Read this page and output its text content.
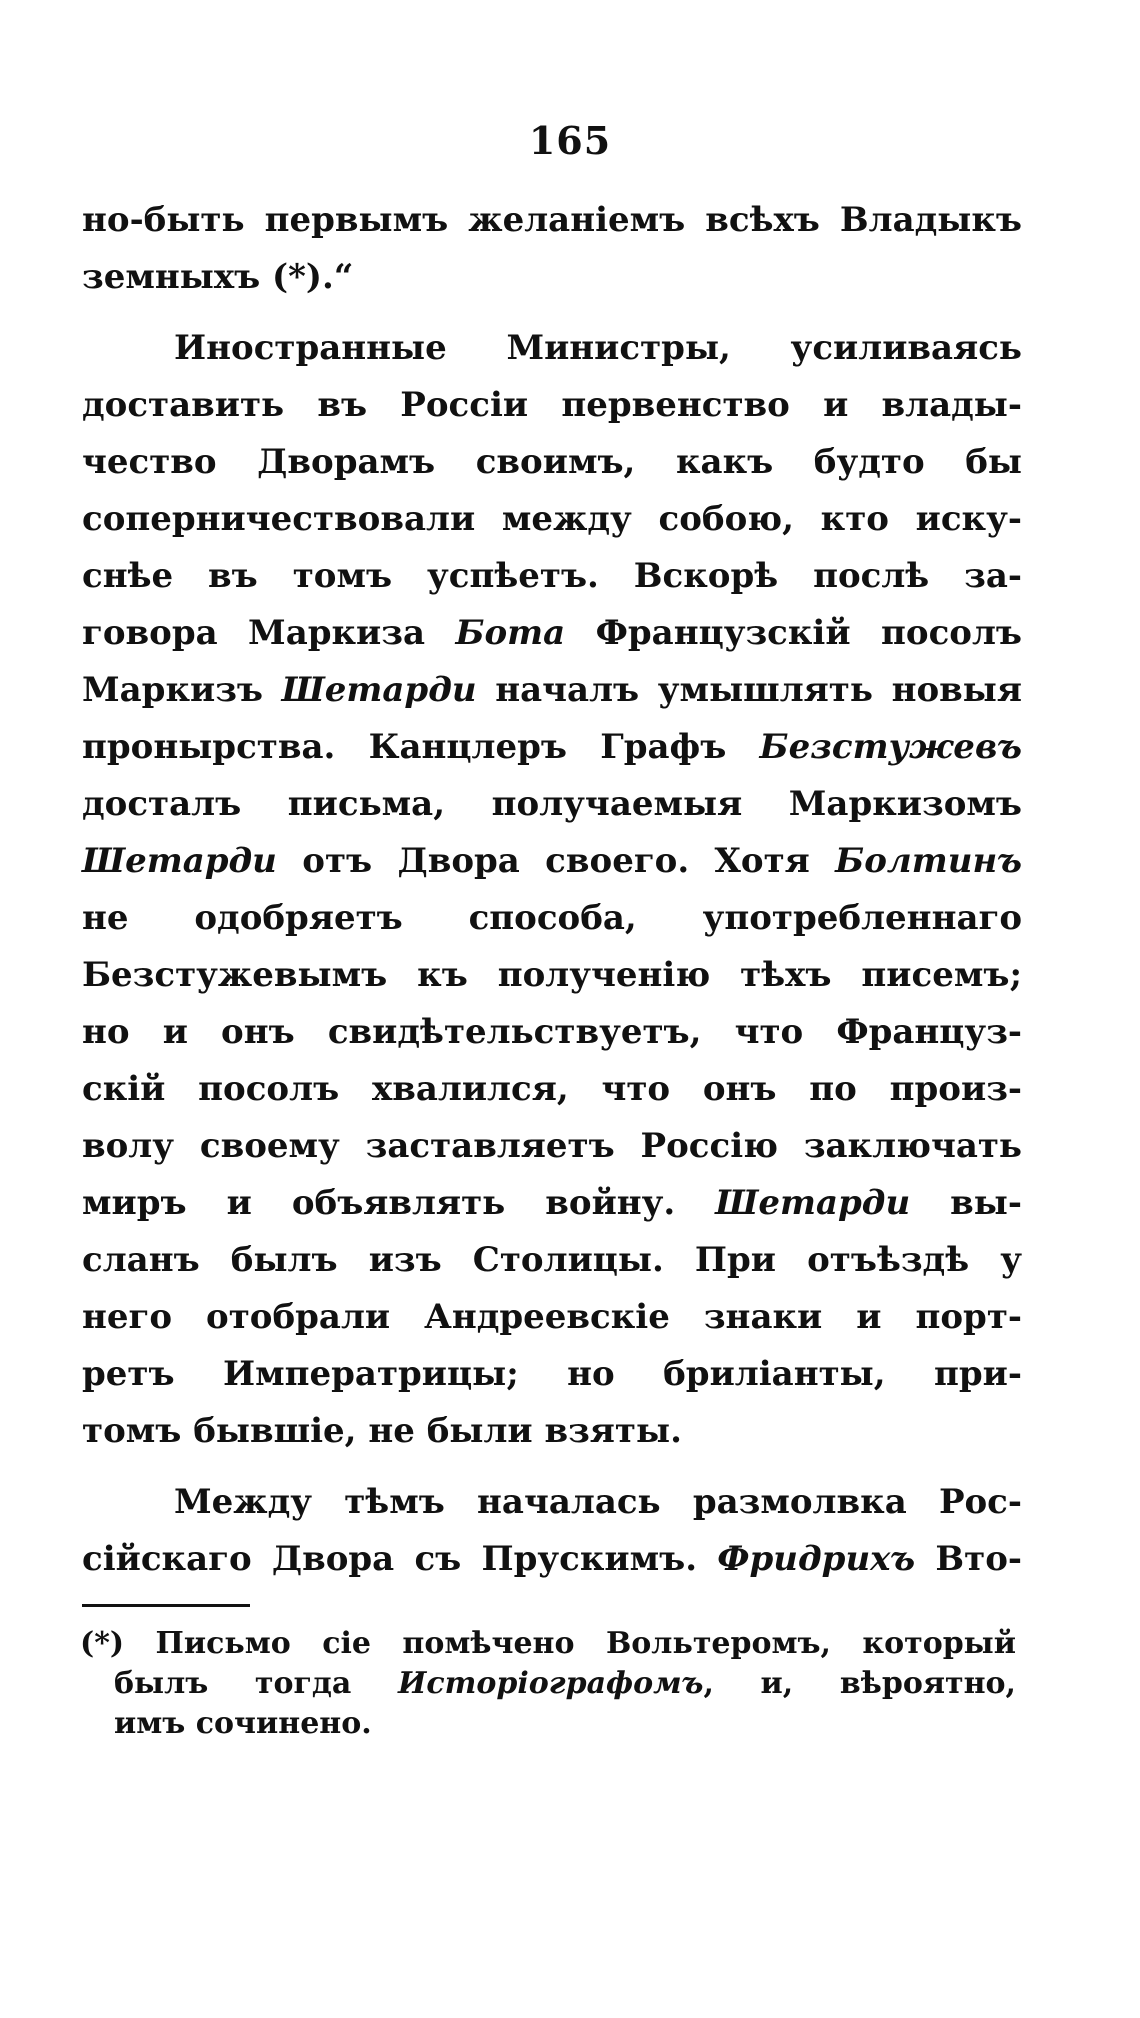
165
но-быть первымъ желаніемъ всѣхъ Владыкъ
земныхъ (*).“
Иностранные Министры, усиливаясь
доставить въ Россіи первенство и влады-
чество Дворамъ своимъ, какъ будто бы
соперничествовали между собою, кто иску-
снѣе въ томъ успѣетъ. Вскорѣ послѣ за-
говора Маркиза Бота Французскій посолъ
Маркизъ Шетарди началъ умышлять новыя
пронырства. Канцлеръ Графъ Безстужевъ
досталъ письма, получаемыя Маркизомъ
Шетарди отъ Двора своего. Хотя Болтинъ
не одобряетъ способа, употребленнаго
Безстужевымъ къ полученію тѣхъ писемъ;
но и онъ свидѣтельствуетъ, что Француз-
скій посолъ хвалился, что онъ по произ-
волу своему заставляетъ Россію заключать
миръ и объявлять войну. Шетарди вы-
сланъ былъ изъ Столицы. При отъѣздѣ у
него отобрали Андреевскіе знаки и порт-
ретъ Императрицы; но бриліанты, при-
томъ бывшіе, не были взяты.
Между тѣмъ началась размолвка Рос-
сійскаго Двора съ Прускимъ. Фридрихъ Вто-
(*) Письмо сіе помѣчено Вольтеромъ, который
былъ тогда Исторіографомъ, и, вѣроятно,
имъ сочинено.
